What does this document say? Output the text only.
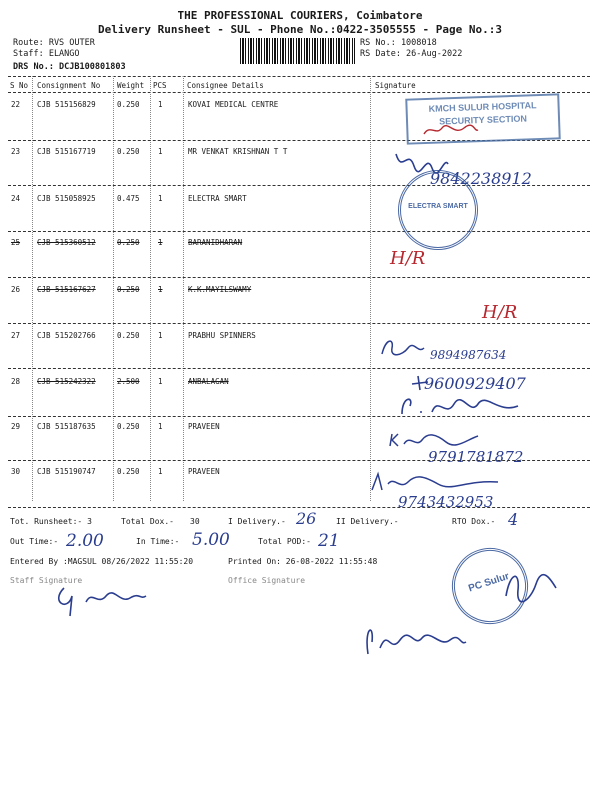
THE PROFESSIONAL COURIERS, Coimbatore
Delivery Runsheet - SUL - Phone No.:0422-3505555 - Page No.:3
Route: RVS OUTER
Staff: ELANGO
DRS No.: DCJB100801803
RS No.: 1008018
RS Date: 26-Aug-2022
S No Consignment No Weight PCS	Consignee Details	Signature
22 CJB 515156829	0.250 1	KOVAI MEDICAL CENTRE
23 CJB 515167719	0.250 1	MR VENKAT KRISHNAN T T
9842238912
24 CJB 515058925	0.475 1	ELECTRA SMART
25 CJB 515360512	0.250 1	BARANIDHARAN
H/R
26 CJB 515167627	0.250 1	K.K.MAYILSWAMY
H/R
27 CJB 515202766	0.250 1	PRABHU SPINNERS
9894987634
28 CJB 515242322	2.500 1	ANBALAGAN	9600929407
29 CJB 515187635	0.250 1	PRAVEEN
9791781872
30 CJB 515190747	0.250 1	PRAVEEN
9743432953
KMCH SULUR HOSPITAL
SECURITY SECTION
ELECTRA SMART
PC Sulur
Tot. Runsheet:- 3	Total Dox.- 30	I Delivery.- 26 II Delivery.-	RTO Dox.- 4
Out Time:- 2.00	In Time:- 5.00	Total POD:- 21
Entered By :MAGSUL 08/26/2022 11:55:20	Printed On: 26-08-2022 11:55:48
Staff Signature	Office Signature
